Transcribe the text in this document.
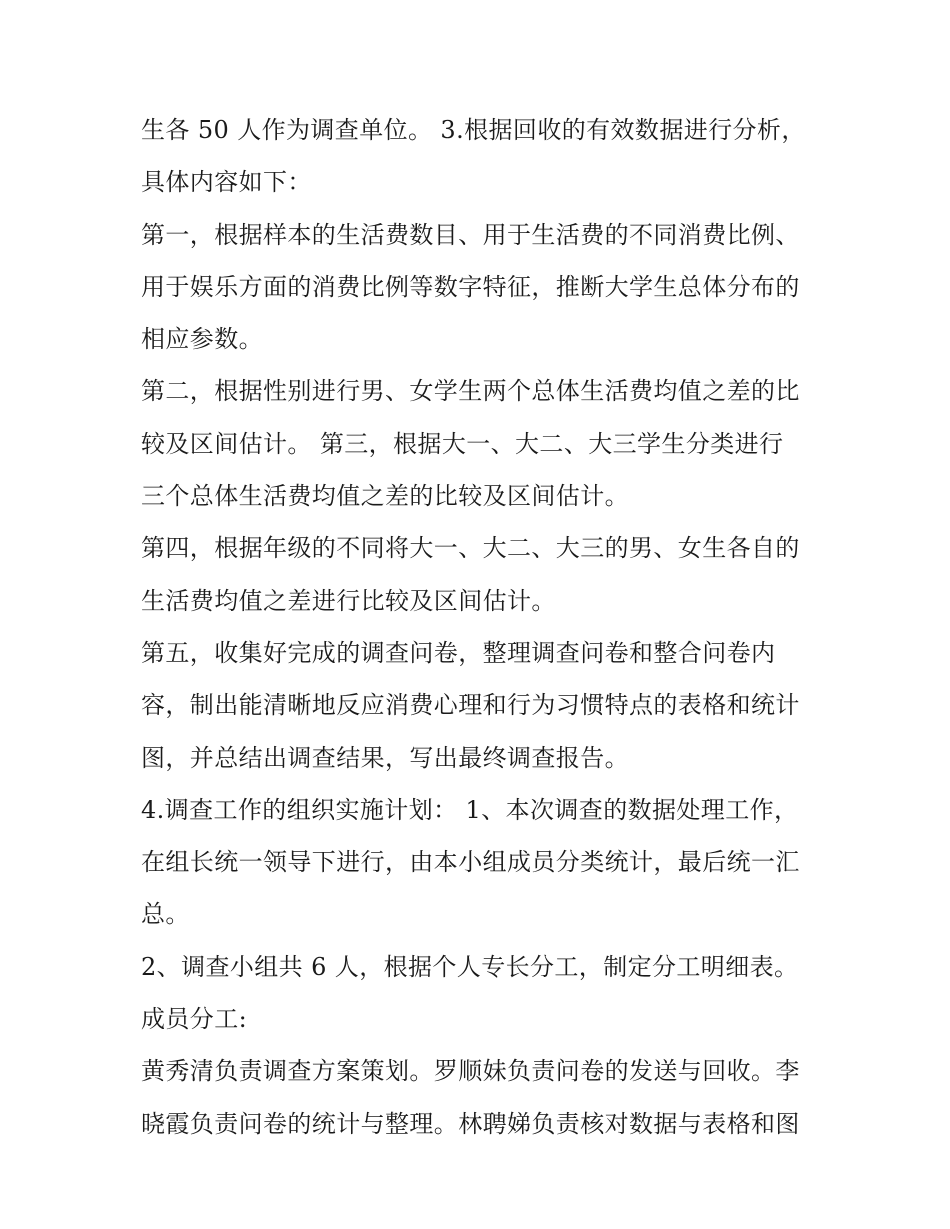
生各 50 人作为调查单位。 3.根据回收的有效数据进行分析，
具体内容如下：
第一，根据样本的生活费数目、用于生活费的不同消费比例、
用于娱乐方面的消费比例等数字特征，推断大学生总体分布的
相应参数。
第二，根据性别进行男、女学生两个总体生活费均值之差的比
较及区间估计。 第三，根据大一、大二、大三学生分类进行
三个总体生活费均值之差的比较及区间估计。
第四，根据年级的不同将大一、大二、大三的男、女生各自的
生活费均值之差进行比较及区间估计。
第五，收集好完成的调查问卷，整理调查问卷和整合问卷内
容，制出能清晰地反应消费心理和行为习惯特点的表格和统计
图，并总结出调查结果，写出最终调查报告。
4.调查工作的组织实施计划： 1、本次调查的数据处理工作，
在组长统一领导下进行，由本小组成员分类统计，最后统一汇
总。
2、调查小组共 6 人，根据个人专长分工，制定分工明细表。
成员分工:
黄秀清负责调查方案策划。罗顺妹负责问卷的发送与回收。李
晓霞负责问卷的统计与整理。林聘娣负责核对数据与表格和图
